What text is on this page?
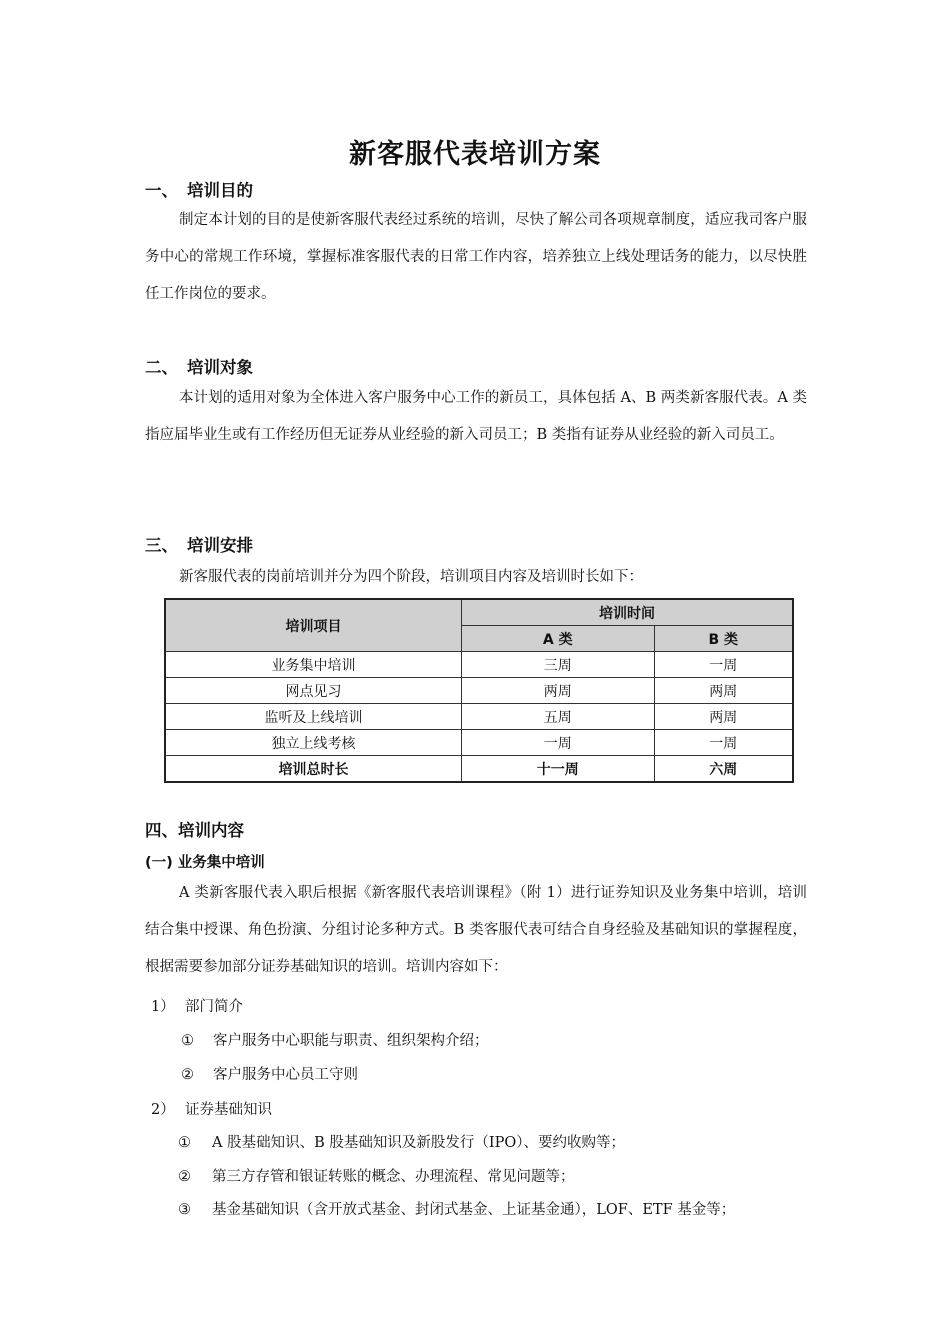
新客服代表培训方案
一、 培训目的

制定本计划的目的是使新客服代表经过系统的培训，尽快了解公司各项规章制度，适应我司客户服务中心的常规工作环境，掌握标准客服代表的日常工作内容，培养独立上线处理话务的能力，以尽快胜任工作岗位的要求。

二、 培训对象

本计划的适用对象为全体进入客户服务中心工作的新员工，具体包括 A、B 两类新客服代表。A 类指应届毕业生或有工作经历但无证券从业经验的新入司员工；B 类指有证券从业经验的新入司员工。

三、 培训安排

新客服代表的岗前培训并分为四个阶段，培训项目内容及培训时长如下：

培训项目	培训时间	
	A 类	B 类
业务集中培训	三周	一周
网点见习	两周	两周
监听及上线培训	五周	两周
独立上线考核	一周	一周
培训总时长	十一周	六周
四、培训内容
(一) 业务集中培训

A 类新客服代表入职后根据《新客服代表培训课程》（附 1）进行证券知识及业务集中培训，培训结合集中授课、角色扮演、分组讨论多种方式。B 类客服代表可结合自身经验及基础知识的掌握程度，根据需要参加部分证券基础知识的培训。培训内容如下：

1） 部门简介
① 客户服务中心职能与职责、组织架构介绍；
② 客户服务中心员工守则
2） 证券基础知识
① A 股基础知识、B 股基础知识及新股发行（IPO）、要约收购等；
② 第三方存管和银证转账的概念、办理流程、常见问题等；
③ 基金基础知识（含开放式基金、封闭式基金、上证基金通），LOF、ETF 基金等；
